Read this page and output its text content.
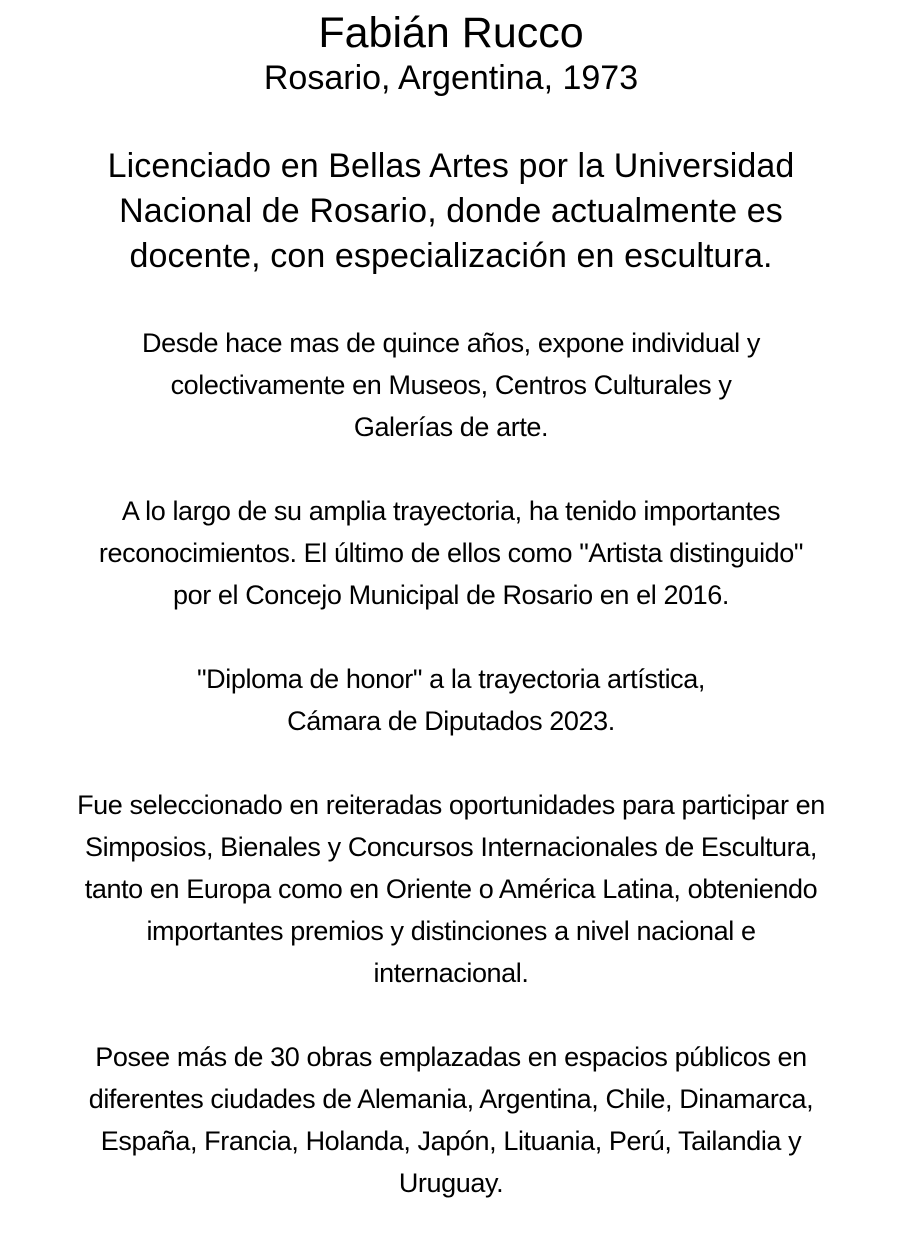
Fabián Rucco
Rosario, Argentina, 1973
Licenciado en Bellas Artes por la Universidad
Nacional de Rosario, donde actualmente es
docente, con especialización en escultura.
Desde hace mas de quince años, expone individual y
colectivamente en Museos, Centros Culturales y
Galerías de arte.
A lo largo de su amplia trayectoria, ha tenido importantes
reconocimientos. El último de ellos como "Artista distinguido"
por el Concejo Municipal de Rosario en el 2016.
"Diploma de honor" a la trayectoria artística,
Cámara de Diputados 2023.
Fue seleccionado en reiteradas oportunidades para participar en
Simposios, Bienales y Concursos Internacionales de Escultura,
tanto en Europa como en Oriente o América Latina, obteniendo
importantes premios y distinciones a nivel nacional e
internacional.
Posee más de 30 obras emplazadas en espacios públicos en
diferentes ciudades de Alemania, Argentina, Chile, Dinamarca,
España, Francia, Holanda, Japón, Lituania, Perú, Tailandia y
Uruguay.
